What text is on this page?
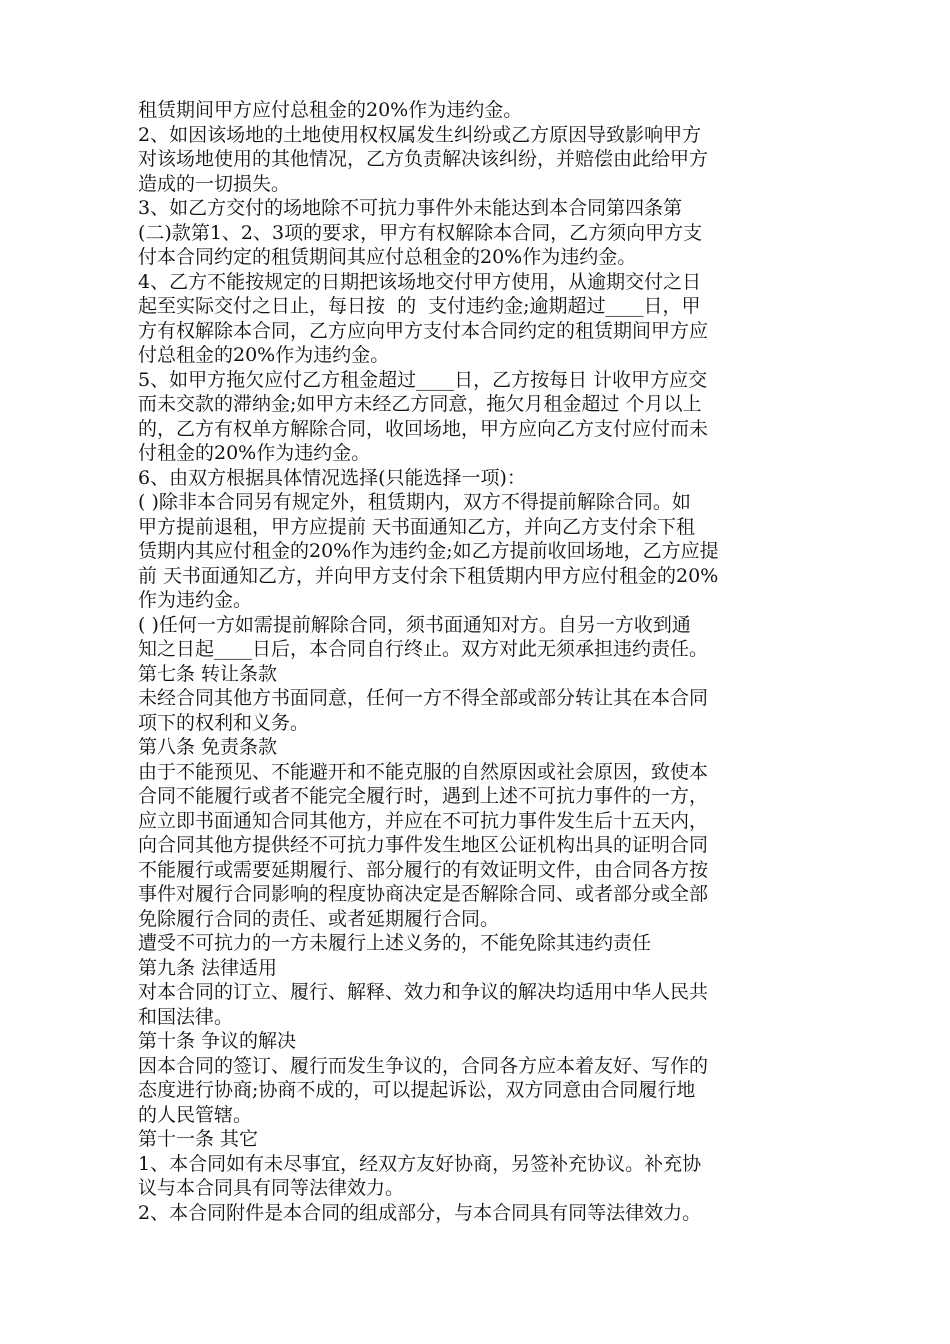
租赁期间甲方应付总租金的20%作为违约金。
2、如因该场地的土地使用权权属发生纠纷或乙方原因导致影响甲方
对该场地使用的其他情况，乙方负责解决该纠纷，并赔偿由此给甲方
造成的一切损失。
3、如乙方交付的场地除不可抗力事件外未能达到本合同第四条第
(二)款第1、2、3项的要求，甲方有权解除本合同，乙方须向甲方支
付本合同约定的租赁期间其应付总租金的20%作为违约金。
4、乙方不能按规定的日期把该场地交付甲方使用，从逾期交付之日
起至实际交付之日止，每日按  的  支付违约金;逾期超过____日，甲
方有权解除本合同，乙方应向甲方支付本合同约定的租赁期间甲方应
付总租金的20%作为违约金。
5、如甲方拖欠应付乙方租金超过____日，乙方按每日 计收甲方应交
而未交款的滞纳金;如甲方未经乙方同意，拖欠月租金超过 个月以上
的，乙方有权单方解除合同，收回场地，甲方应向乙方支付应付而未
付租金的20%作为违约金。
6、由双方根据具体情况选择(只能选择一项)：
( )除非本合同另有规定外，租赁期内，双方不得提前解除合同。如
甲方提前退租，甲方应提前 天书面通知乙方，并向乙方支付余下租
赁期内其应付租金的20%作为违约金;如乙方提前收回场地，乙方应提
前 天书面通知乙方，并向甲方支付余下租赁期内甲方应付租金的20%
作为违约金。
( )任何一方如需提前解除合同，须书面通知对方。自另一方收到通
知之日起____日后，本合同自行终止。双方对此无须承担违约责任。
第七条 转让条款
未经合同其他方书面同意，任何一方不得全部或部分转让其在本合同
项下的权利和义务。
第八条 免责条款
由于不能预见、不能避开和不能克服的自然原因或社会原因，致使本
合同不能履行或者不能完全履行时，遇到上述不可抗力事件的一方，
应立即书面通知合同其他方，并应在不可抗力事件发生后十五天内，
向合同其他方提供经不可抗力事件发生地区公证机构出具的证明合同
不能履行或需要延期履行、部分履行的有效证明文件，由合同各方按
事件对履行合同影响的程度协商决定是否解除合同、或者部分或全部
免除履行合同的责任、或者延期履行合同。
遭受不可抗力的一方未履行上述义务的，不能免除其违约责任
第九条 法律适用
对本合同的订立、履行、解释、效力和争议的解决均适用中华人民共
和国法律。
第十条 争议的解决
因本合同的签订、履行而发生争议的，合同各方应本着友好、写作的
态度进行协商;协商不成的，可以提起诉讼，双方同意由合同履行地
的人民管辖。
第十一条 其它
1、本合同如有未尽事宜，经双方友好协商，另签补充协议。补充协
议与本合同具有同等法律效力。
2、本合同附件是本合同的组成部分，与本合同具有同等法律效力。
